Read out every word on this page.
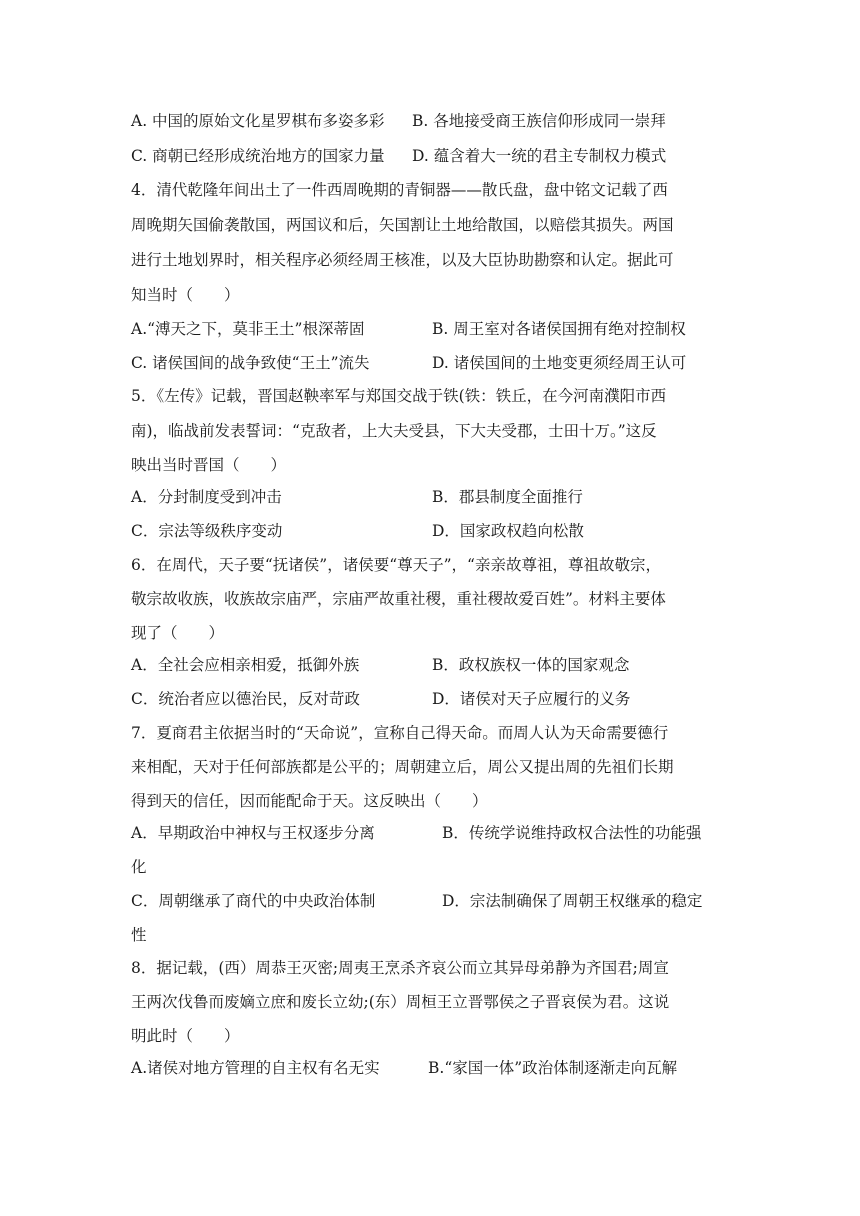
A. 中国的原始文化星罗棋布多姿多彩 B. 各地接受商王族信仰形成同一崇拜
C. 商朝已经形成统治地方的国家力量 D. 蕴含着大一统的君主专制权力模式
4．清代乾隆年间出土了一件西周晚期的青铜器——散氏盘，盘中铭文记载了西
周晚期矢国偷袭散国，两国议和后，矢国割让土地给散国，以赔偿其损失。两国
进行土地划界时，相关程序必须经周王核准，以及大臣协助勘察和认定。据此可
知当时（　　）
A.“溥天之下，莫非王土”根深蒂固	B. 周王室对各诸侯国拥有绝对控制权
C. 诸侯国间的战争致使“王土”流失	D. 诸侯国间的土地变更须经周王认可
5．《左传》记载，晋国赵鞅率军与郑国交战于铁(铁：铁丘，在今河南濮阳市西
南)，临战前发表誓词：“克敌者，上大夫受县，下大夫受郡，士田十万。”这反
映出当时晋国（　　）
A．分封制度受到冲击	B．郡县制度全面推行
C．宗法等级秩序变动	D．国家政权趋向松散
6．在周代，天子要“抚诸侯”，诸侯要“尊天子”，“亲亲故尊祖，尊祖故敬宗，
敬宗故收族，收族故宗庙严，宗庙严故重社稷，重社稷故爱百姓”。材料主要体
现了（　　）
A．全社会应相亲相爱，抵御外族	B．政权族权一体的国家观念
C．统治者应以德治民，反对苛政	D．诸侯对天子应履行的义务
7．夏商君主依据当时的“天命说”，宣称自己得天命。而周人认为天命需要德行
来相配，天对于任何部族都是公平的；周朝建立后，周公又提出周的先祖们长期
得到天的信任，因而能配命于天。这反映出（　　）
A．早期政治中神权与王权逐步分离	B．传统学说维持政权合法性的功能强
化
C．周朝继承了商代的中央政治体制	D．宗法制确保了周朝王权继承的稳定
性
8．据记载，(西）周恭王灭密;周夷王烹杀齐哀公而立其异母弟静为齐国君;周宣
王两次伐鲁而废嫡立庶和废长立幼;(东）周桓王立晋鄂侯之子晋哀侯为君。这说
明此时（　　）
A.诸侯对地方管理的自主权有名无实	B.“家国一体”政治体制逐渐走向瓦解
